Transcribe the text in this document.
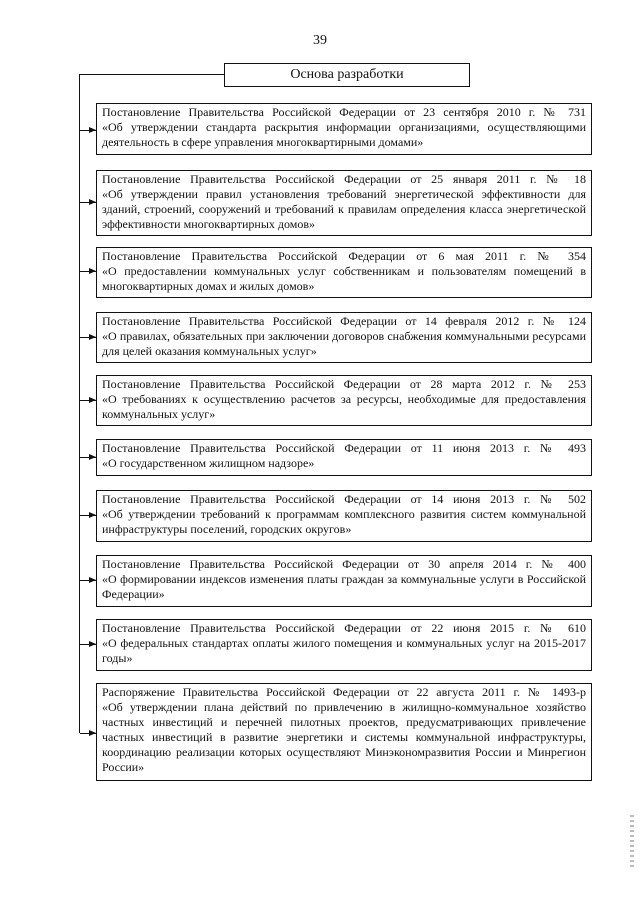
39
Основа разработки
Постановление Правительства Российской Федерации от 23 сентября 2010 г. № 731
«Об утверждении стандарта раскрытия информации организациями, осуществляющими деятельность в сфере управления многоквартирными домами»
Постановление Правительства Российской Федерации от 25 января 2011 г. № 18
«Об утверждении правил установления требований энергетической эффективности для зданий, строений, сооружений и требований к правилам определения класса энергетической эффективности многоквартирных домов»
Постановление Правительства Российской Федерации от 6 мая 2011 г. № 354
«О предоставлении коммунальных услуг собственникам и пользователям помещений в многоквартирных домах и жилых домов»
Постановление Правительства Российской Федерации от 14 февраля 2012 г. № 124
«О правилах, обязательных при заключении договоров снабжения коммунальными ресурсами для целей оказания коммунальных услуг»
Постановление Правительства Российской Федерации от 28 марта 2012 г. № 253
«О требованиях к осуществлению расчетов за ресурсы, необходимые для предоставления коммунальных услуг»
Постановление Правительства Российской Федерации от 11 июня 2013 г. № 493
«О государственном жилищном надзоре»
Постановление Правительства Российской Федерации от 14 июня 2013 г. № 502
«Об утверждении требований к программам комплексного развития систем коммунальной инфраструктуры поселений, городских округов»
Постановление Правительства Российской Федерации от 30 апреля 2014 г. № 400
«О формировании индексов изменения платы граждан за коммунальные услуги в Российской Федерации»
Постановление Правительства Российской Федерации от 22 июня 2015 г. № 610
«О федеральных стандартах оплаты жилого помещения и коммунальных услуг на 2015-2017 годы»
Распоряжение Правительства Российской Федерации от 22 августа 2011 г. № 1493-р
«Об утверждении плана действий по привлечению в жилищно-коммунальное хозяйство частных инвестиций и перечней пилотных проектов, предусматривающих привлечение частных инвестиций в развитие энергетики и системы коммунальной инфраструктуры, координацию реализации которых осуществляют Минэкономразвития России и Минрегион России»
